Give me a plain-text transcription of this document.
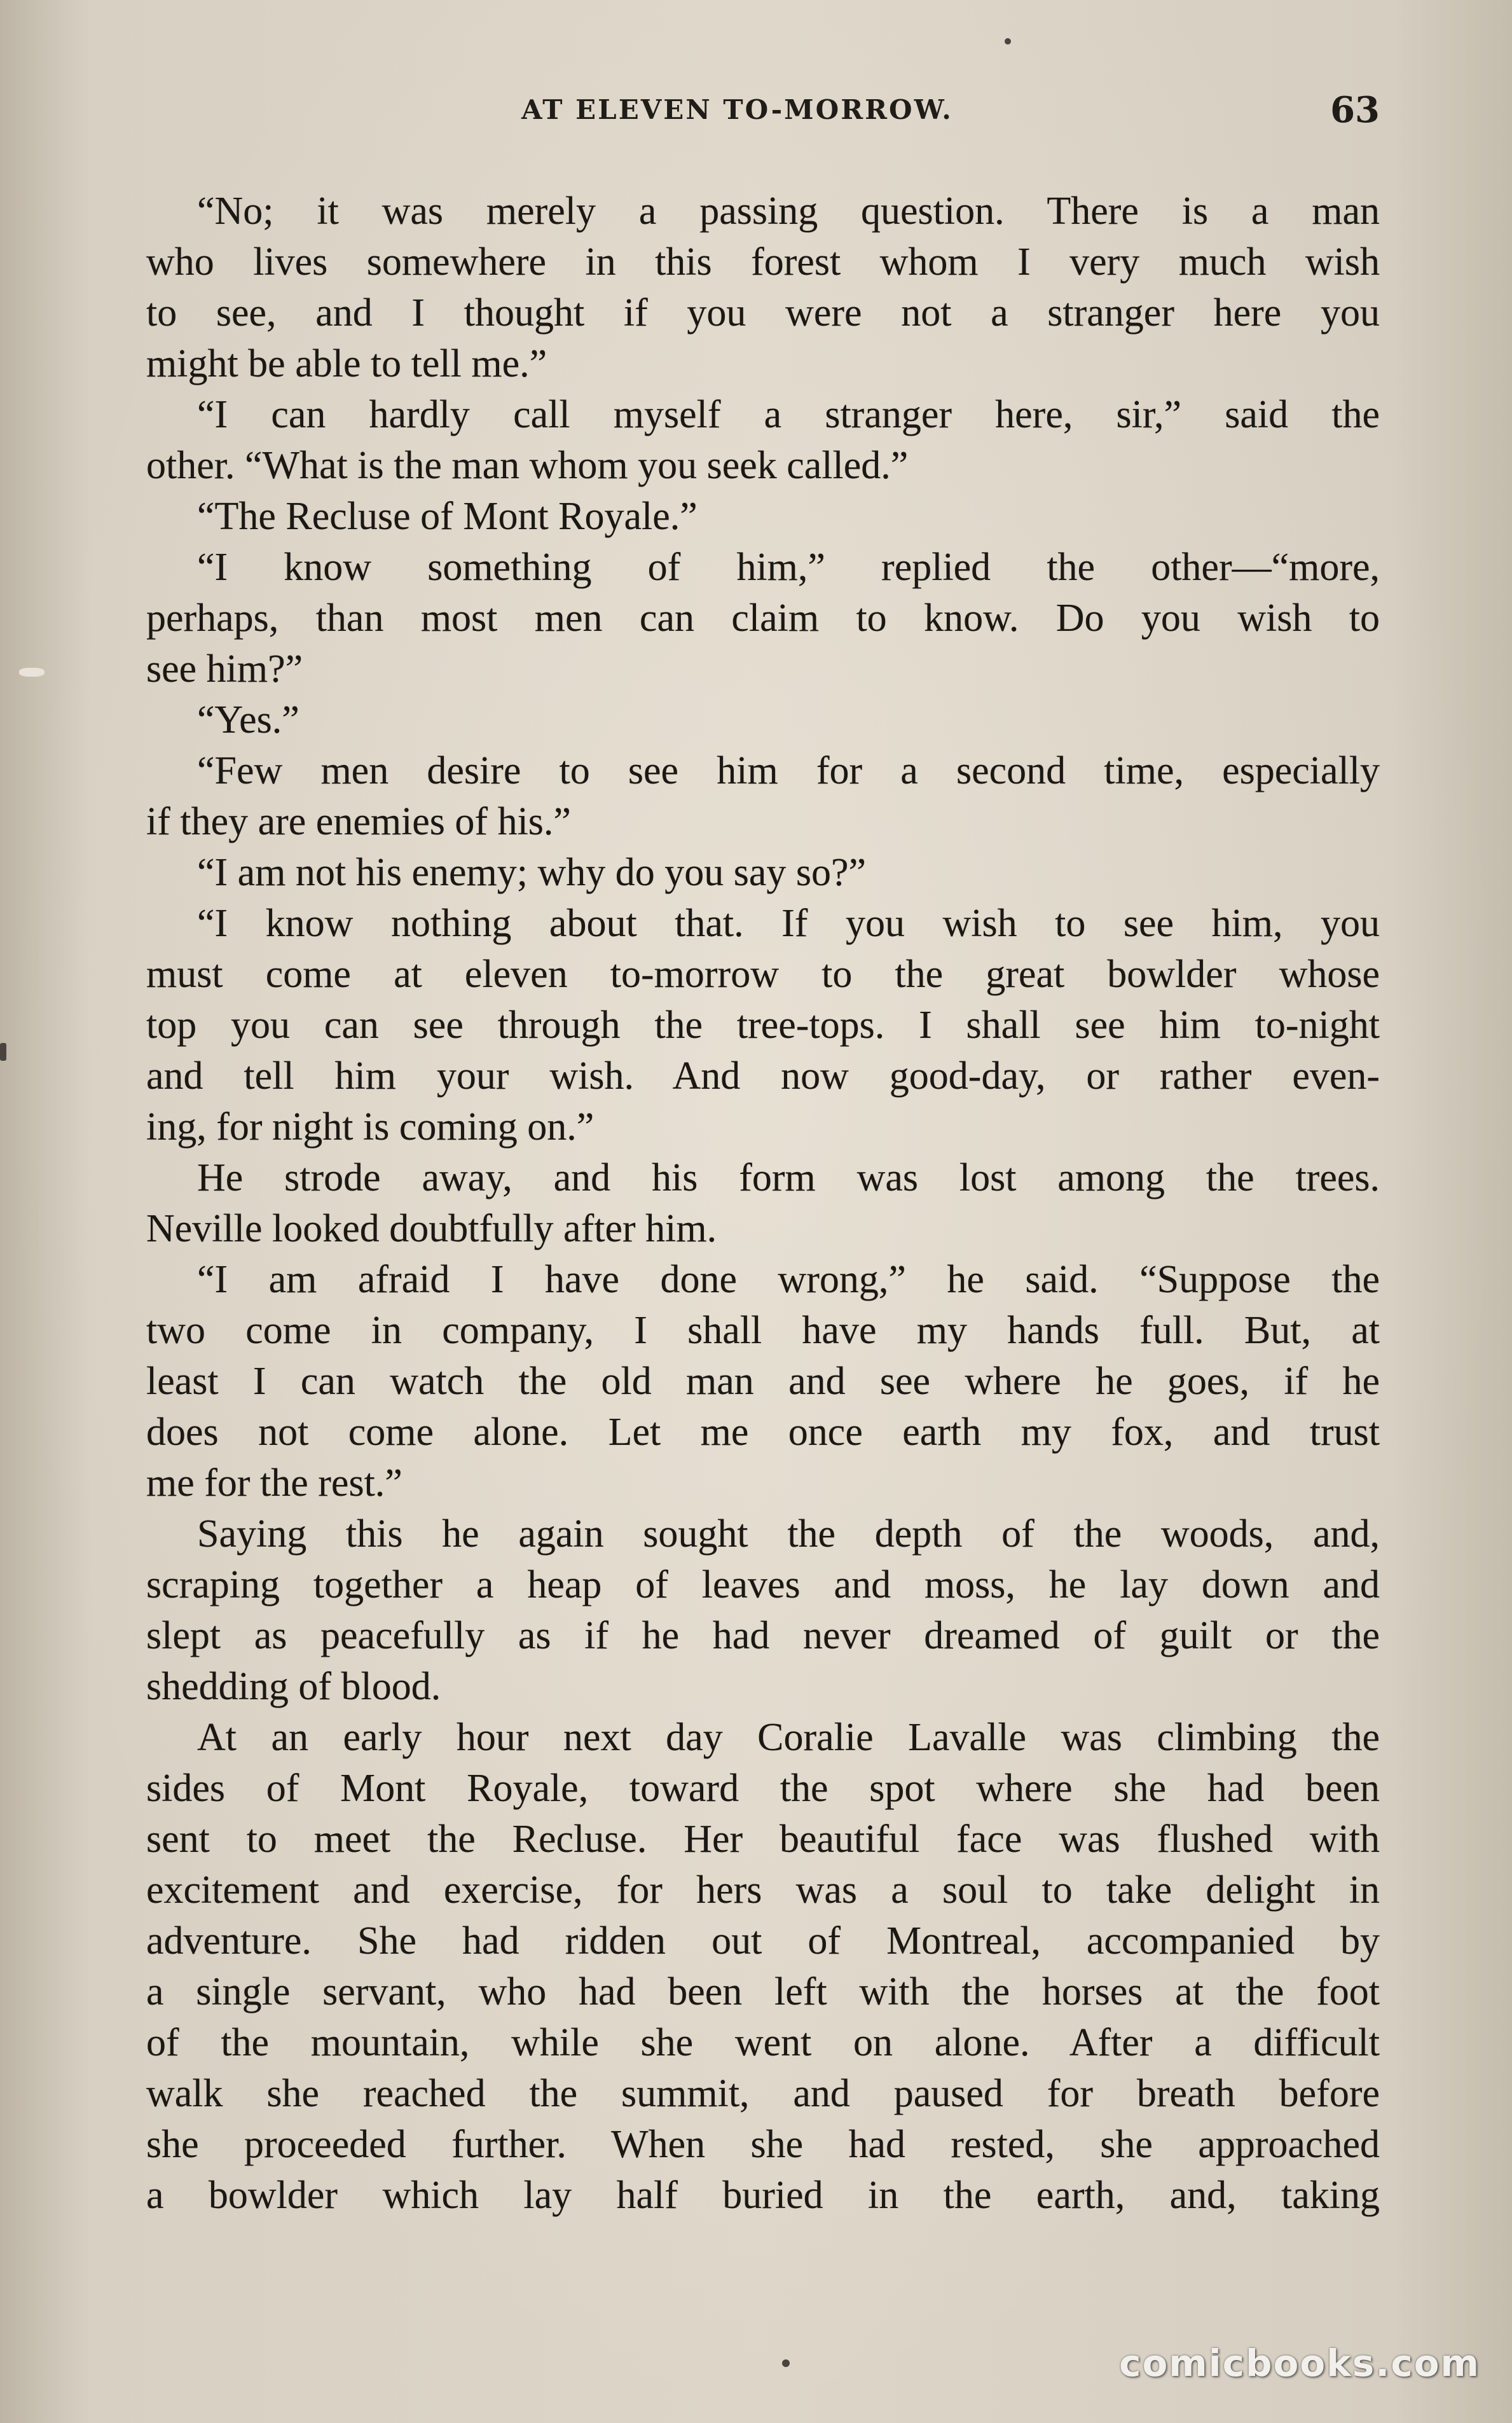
AT ELEVEN TO-MORROW.	63
“No; it was merely a passing question. There is a man
who lives somewhere in this forest whom I very much wish
to see, and I thought if you were not a stranger here you
might be able to tell me.”
“I can hardly call myself a stranger here, sir,” said the
other. “What is the man whom you seek called.”
“The Recluse of Mont Royale.”
“I know something of him,” replied the other—“more,
perhaps, than most men can claim to know. Do you wish to
see him?”
“Yes.”
“Few men desire to see him for a second time, especially
if they are enemies of his.”
“I am not his enemy; why do you say so?”
“I know nothing about that. If you wish to see him, you
must come at eleven to-morrow to the great bowlder whose
top you can see through the tree-tops. I shall see him to-night
and tell him your wish. And now good-day, or rather even-
ing, for night is coming on.”
He strode away, and his form was lost among the trees.
Neville looked doubtfully after him.
“I am afraid I have done wrong,” he said. “Suppose the
two come in company, I shall have my hands full. But, at
least I can watch the old man and see where he goes, if he
does not come alone. Let me once earth my fox, and trust
me for the rest.”
Saying this he again sought the depth of the woods, and,
scraping together a heap of leaves and moss, he lay down and
slept as peacefully as if he had never dreamed of guilt or the
shedding of blood.
At an early hour next day Coralie Lavalle was climbing the
sides of Mont Royale, toward the spot where she had been
sent to meet the Recluse. Her beautiful face was flushed with
excitement and exercise, for hers was a soul to take delight in
adventure. She had ridden out of Montreal, accompanied by
a single servant, who had been left with the horses at the foot
of the mountain, while she went on alone. After a difficult
walk she reached the summit, and paused for breath before
she proceeded further. When she had rested, she approached
a bowlder which lay half buried in the earth, and, taking
comicbooks.com
